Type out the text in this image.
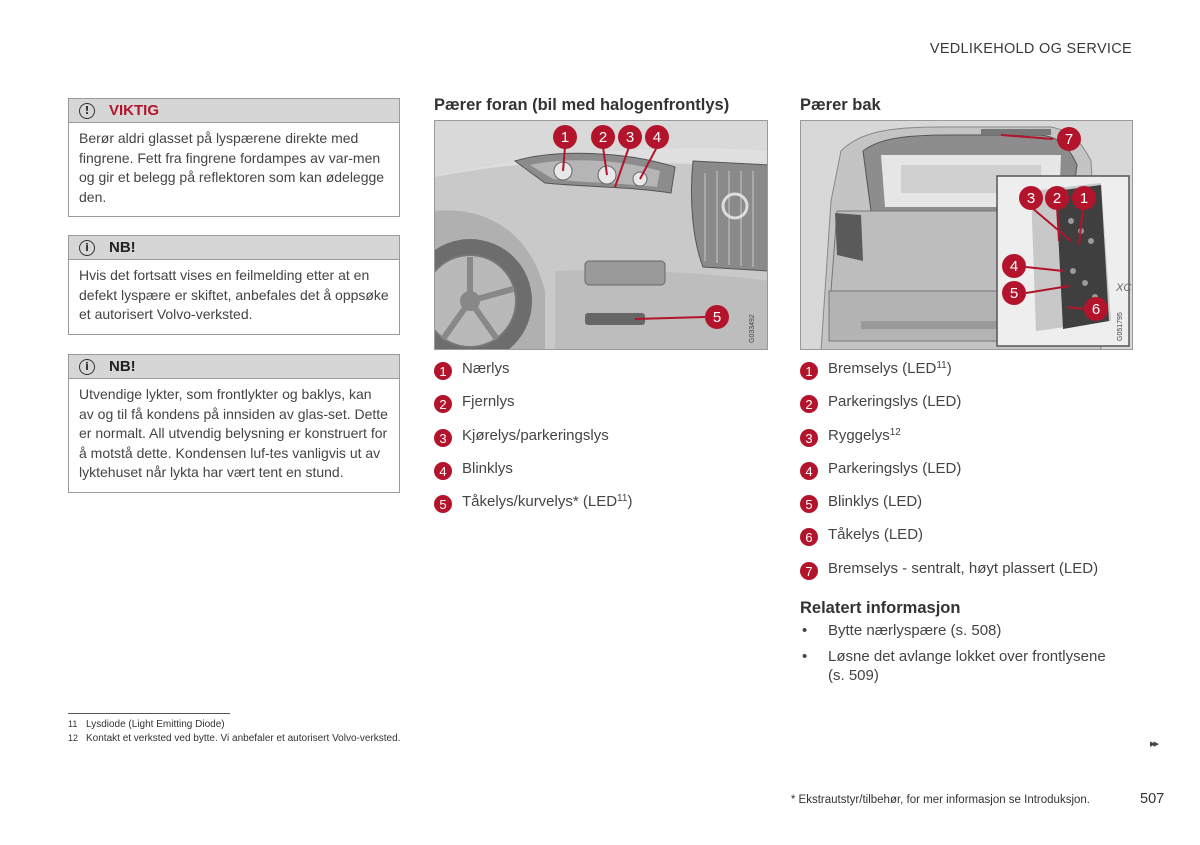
VEDLIKEHOLD OG SERVICE
!	VIKTIG
Berør aldri glasset på lyspærene direkte med fingrene. Fett fra fingrene fordampes av var-men og gir et belegg på reflektoren som kan ødelegge den.
i	NB!
Hvis det fortsatt vises en feilmelding etter at en defekt lyspære er skiftet, anbefales det å oppsøke et autorisert Volvo-verksted.
i	NB!
Utvendige lykter, som frontlykter og baklys, kan av og til få kondens på innsiden av glas-set. Dette er normalt. All utvendig belysning er konstruert for å motstå dette. Kondensen luf-tes vanligvis ut av lyktehuset når lykta har vært tent en stund.
Pærer foran (bil med halogenfrontlys)
1 2 3 4
5	G033492
1 Nærlys
2 Fjernlys
3 Kjørelys/parkeringslys
4 Blinklys
5 Tåkelys/kurvelys* (LED$^{11}$)
Pærer bak
XC
7
3 2 1
4
5
6
G051795
1 Bremselys (LED$^{11}$)
2 Parkeringslys (LED)
3 Ryggelys$^{12}$
4 Parkeringslys (LED)
5 Blinklys (LED)
6 Tåkelys (LED)
7 Bremselys - sentralt, høyt plassert (LED)
Relatert informasjon
•	Bytte nærlyspære (s. 508)
•	Løsne det avlange lokket over frontlysene (s. 509)
11 Lysdiode (Light Emitting Diode)
12 Kontakt et verksted ved bytte. Vi anbefaler et autorisert Volvo-verksted.	▸▸
* Ekstrautstyr/tilbehør, for mer informasjon se Introduksjon.	507
